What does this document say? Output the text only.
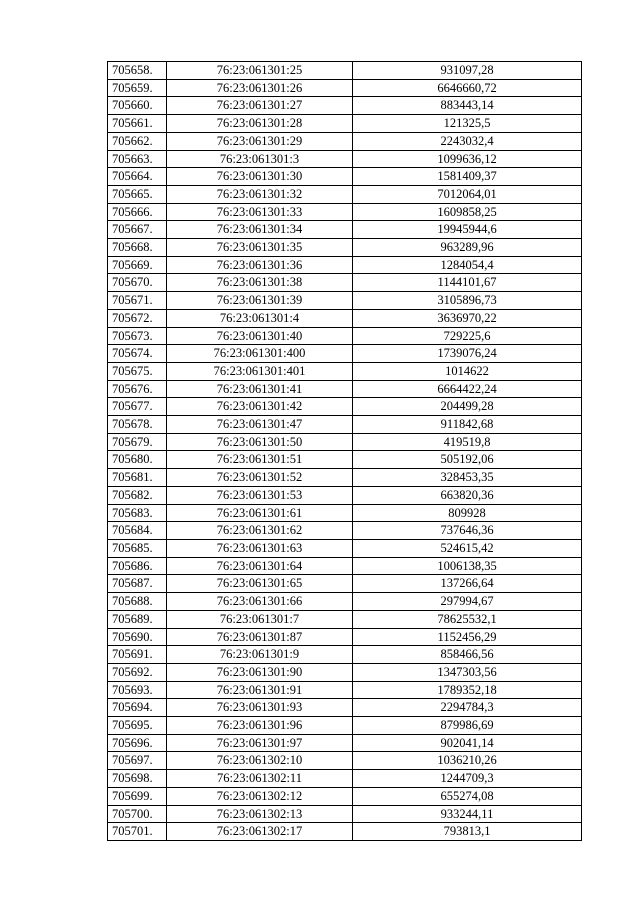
705658.	76:23:061301:25	931097,28
705659.	76:23:061301:26	6646660,72
705660.	76:23:061301:27	883443,14
705661.	76:23:061301:28	121325,5
705662.	76:23:061301:29	2243032,4
705663.	76:23:061301:3	1099636,12
705664.	76:23:061301:30	1581409,37
705665.	76:23:061301:32	7012064,01
705666.	76:23:061301:33	1609858,25
705667.	76:23:061301:34	19945944,6
705668.	76:23:061301:35	963289,96
705669.	76:23:061301:36	1284054,4
705670.	76:23:061301:38	1144101,67
705671.	76:23:061301:39	3105896,73
705672.	76:23:061301:4	3636970,22
705673.	76:23:061301:40	729225,6
705674.	76:23:061301:400	1739076,24
705675.	76:23:061301:401	1014622
705676.	76:23:061301:41	6664422,24
705677.	76:23:061301:42	204499,28
705678.	76:23:061301:47	911842,68
705679.	76:23:061301:50	419519,8
705680.	76:23:061301:51	505192,06
705681.	76:23:061301:52	328453,35
705682.	76:23:061301:53	663820,36
705683.	76:23:061301:61	809928
705684.	76:23:061301:62	737646,36
705685.	76:23:061301:63	524615,42
705686.	76:23:061301:64	1006138,35
705687.	76:23:061301:65	137266,64
705688.	76:23:061301:66	297994,67
705689.	76:23:061301:7	78625532,1
705690.	76:23:061301:87	1152456,29
705691.	76:23:061301:9	858466,56
705692.	76:23:061301:90	1347303,56
705693.	76:23:061301:91	1789352,18
705694.	76:23:061301:93	2294784,3
705695.	76:23:061301:96	879986,69
705696.	76:23:061301:97	902041,14
705697.	76:23:061302:10	1036210,26
705698.	76:23:061302:11	1244709,3
705699.	76:23:061302:12	655274,08
705700.	76:23:061302:13	933244,11
705701.	76:23:061302:17	793813,1
